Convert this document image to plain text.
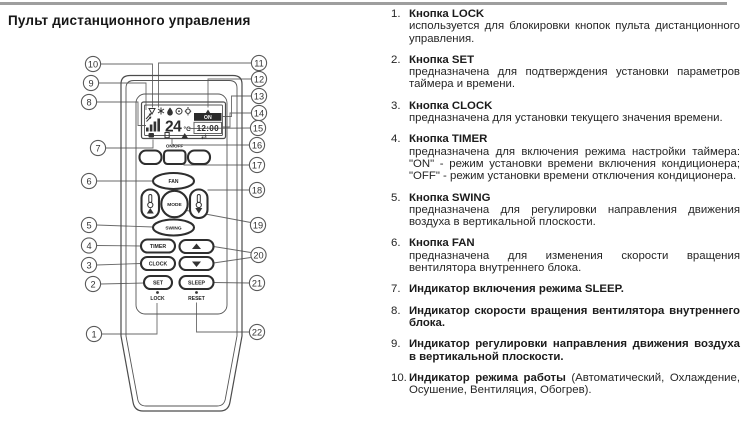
Пульт дистанционного управления
24 °C
ON
12:00
⇄
ON/OFF
FAN
MODE
SWING
TIMER
CLOCK
SET	SLEEP
LOCK	RESET
1
2
3
4
5
6
7
8
9
10	11
12
13
14
15
16
17
18
19
20
21
22
1. Кнопка LOCK
используется для блокировки кнопок пульта дистанционного управления.
2. Кнопка SET
предназначена для подтверждения установки параметров таймера и времени.
3. Кнопка CLOCK
предназначена для установки текущего значения времени.
4. Кнопка TIMER
предназначена для включения режима настройки таймера: "ON" - режим установки времени включения кондиционера; "OFF" - режим установки времени отключения кондиционера.
5. Кнопка SWING
предназначена для регулировки направления движения воздуха в вертикальной плоскости.
6. Кнопка FAN
предназначена для изменения скорости вращения вентилятора внутреннего блока.
7. Индикатор включения режима SLEEP.
8. Индикатор скорости вращения вентилятора внутреннего блока.
9. Индикатор регулировки направления движения воздуха в вертикальной плоскости.
10. Индикатор режима работы (Автоматический, Охлаждение, Осушение, Вентиляция, Обогрев).
